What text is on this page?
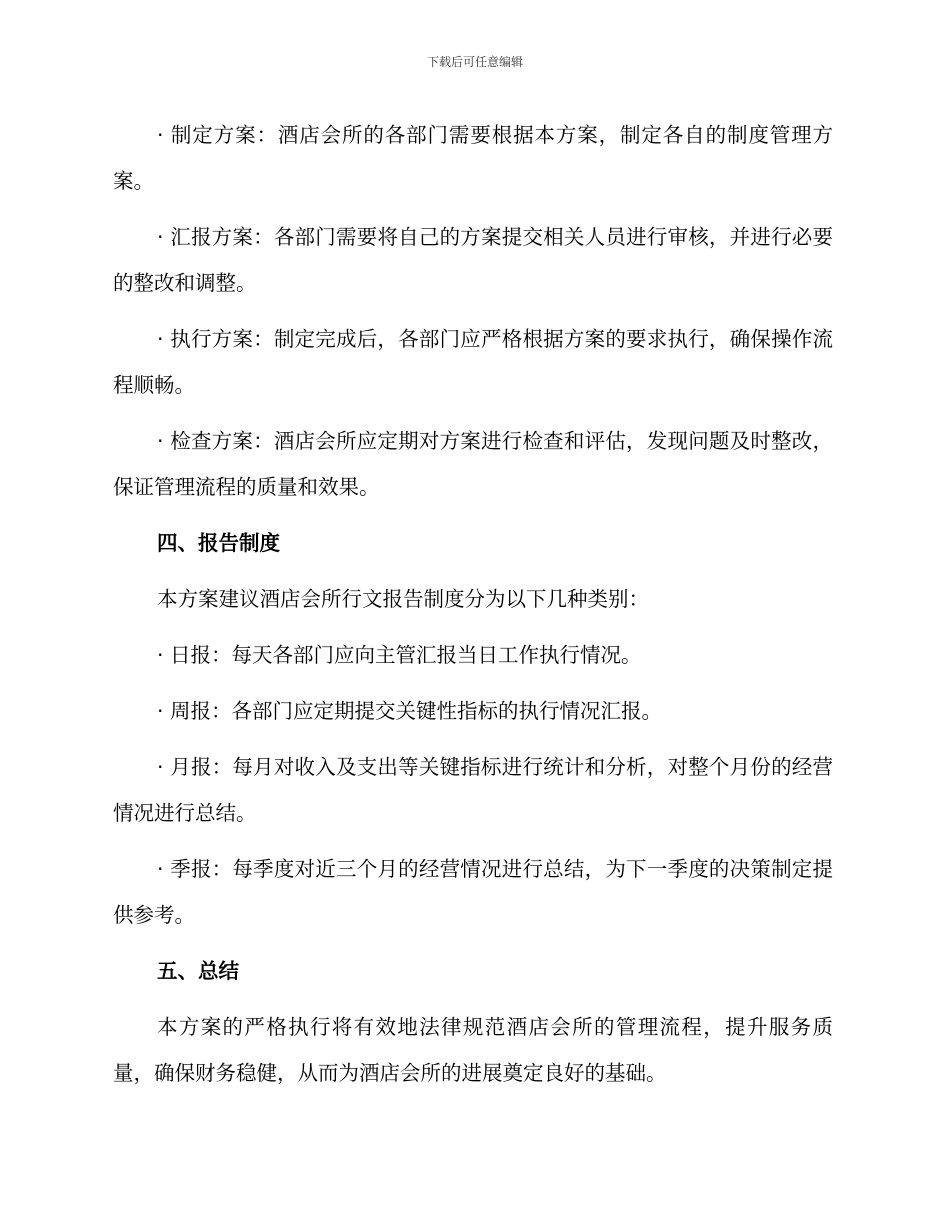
下载后可任意编辑

· 制定方案：酒店会所的各部门需要根据本方案，制定各自的制度管理方案。

· 汇报方案：各部门需要将自己的方案提交相关人员进行审核，并进行必要的整改和调整。

· 执行方案：制定完成后，各部门应严格根据方案的要求执行，确保操作流程顺畅。

· 检查方案：酒店会所应定期对方案进行检查和评估，发现问题及时整改，保证管理流程的质量和效果。

四、报告制度

本方案建议酒店会所行文报告制度分为以下几种类别：

· 日报：每天各部门应向主管汇报当日工作执行情况。

· 周报：各部门应定期提交关键性指标的执行情况汇报。

· 月报：每月对收入及支出等关键指标进行统计和分析，对整个月份的经营情况进行总结。

· 季报：每季度对近三个月的经营情况进行总结，为下一季度的决策制定提供参考。

五、总结

本方案的严格执行将有效地法律规范酒店会所的管理流程，提升服务质量，确保财务稳健，从而为酒店会所的进展奠定良好的基础。
